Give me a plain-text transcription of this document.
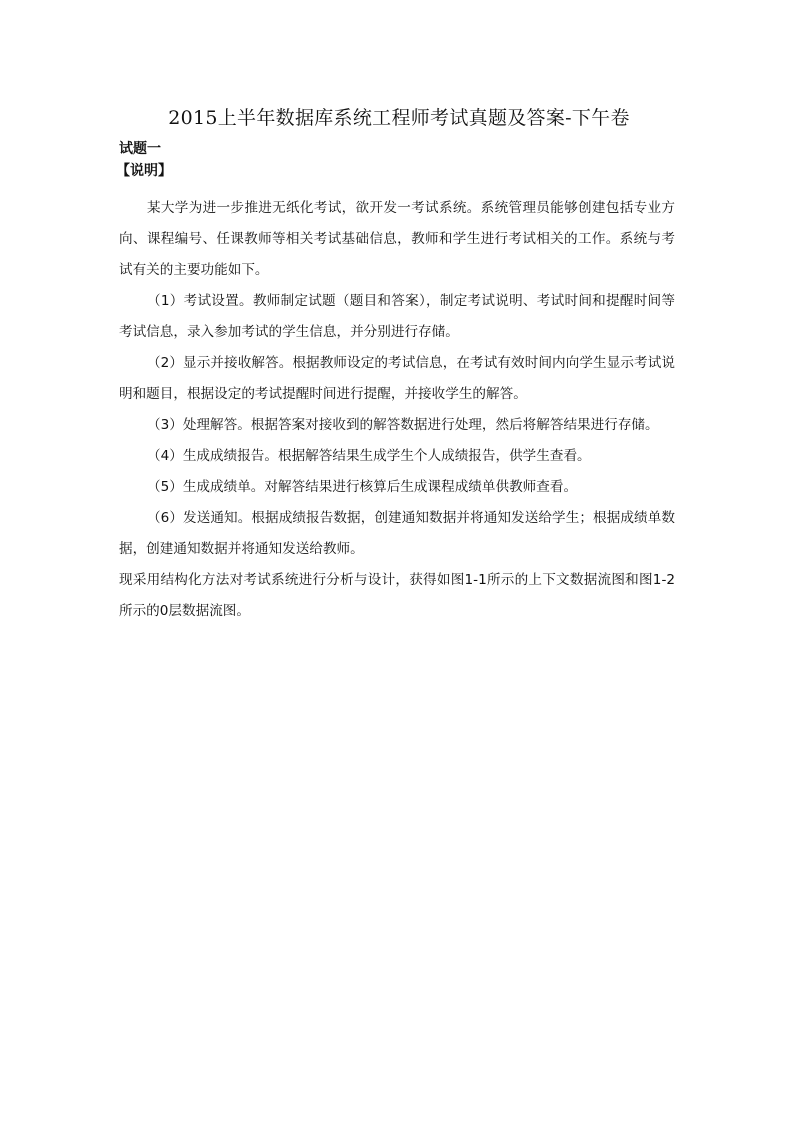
2015上半年数据库系统工程师考试真题及答案-下午卷
试题一
【说明】

某大学为进一步推进无纸化考试，欲开发一考试系统。系统管理员能够创建包括专业方向、课程编号、任课教师等相关考试基础信息，教师和学生进行考试相关的工作。系统与考试有关的主要功能如下。

（1）考试设置。教师制定试题（题目和答案），制定考试说明、考试时间和提醒时间等考试信息，录入参加考试的学生信息，并分别进行存储。

（2）显示并接收解答。根据教师设定的考试信息，在考试有效时间内向学生显示考试说明和题目，根据设定的考试提醒时间进行提醒，并接收学生的解答。

（3）处理解答。根据答案对接收到的解答数据进行处理，然后将解答结果进行存储。

（4）生成成绩报告。根据解答结果生成学生个人成绩报告，供学生查看。

（5）生成成绩单。对解答结果进行核算后生成课程成绩单供教师查看。

（6）发送通知。根据成绩报告数据，创建通知数据并将通知发送给学生；根据成绩单数据，创建通知数据并将通知发送给教师。

现采用结构化方法对考试系统进行分析与设计，获得如图1-1所示的上下文数据流图和图1-2所示的0层数据流图。
